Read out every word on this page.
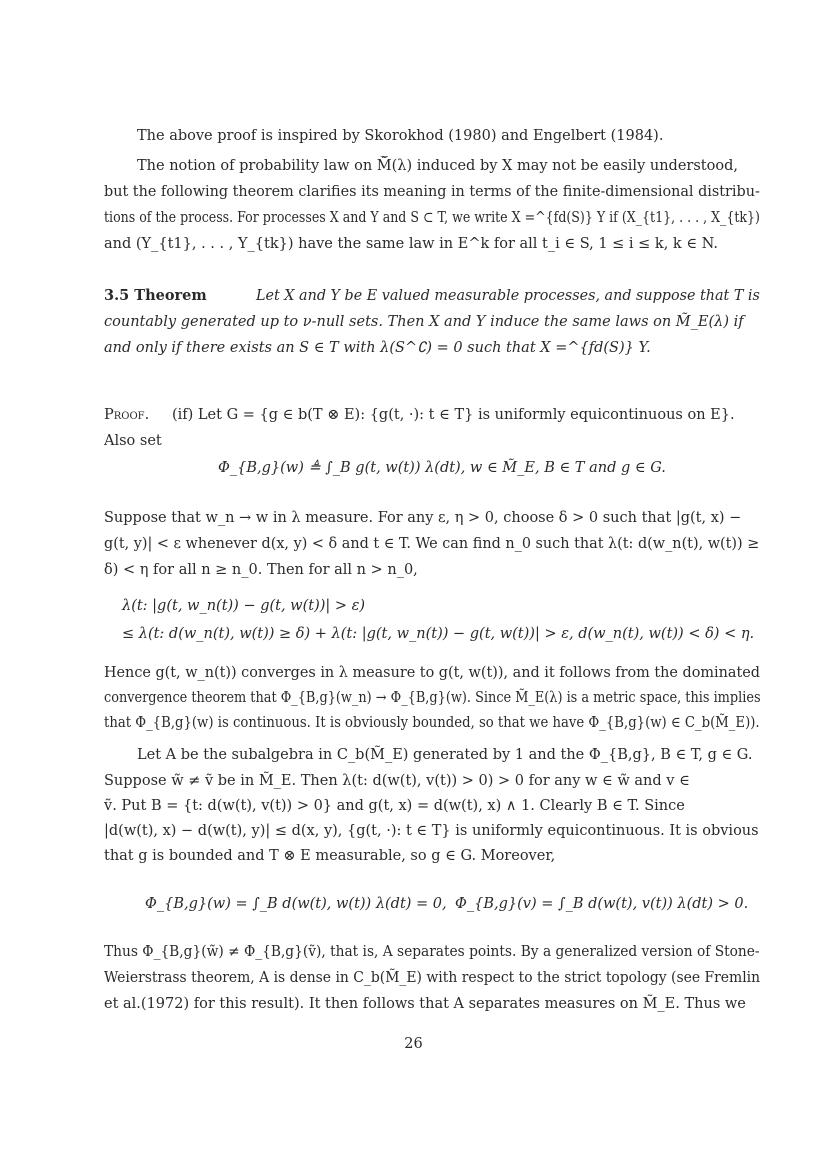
The above proof is inspired by Skorokhod (1980) and Engelbert (1984).
The notion of probability law on M̃̅(λ) induced by X may not be easily understood,
but the following theorem clarifies its meaning in terms of the finite-dimensional distribu-
tions of the process. For processes X and Y and S ⊂ T, we write X =^{fd(S)} Y if (X_{t1}, . . . , X_{tk})
and (Y_{t1}, . . . , Y_{tk}) have the same law in E^k for all t_i ∈ S, 1 ≤ i ≤ k, k ∈ N.
3.5 Theorem	Let X and Y be E valued measurable processes, and suppose that T is
countably generated up to ν-null sets. Then X and Y induce the same laws on M̃_E(λ) if
and only if there exists an S ∈ T with λ(S^∁) = 0 such that X =^{fd(S)} Y.
Proof. (if) Let G = {g ∈ b(T ⊗ E): {g(t, ·): t ∈ T} is uniformly equicontinuous on E}.
Also set
Φ_{B,g}(w) ≜ ∫_B g(t, w(t)) λ(dt), w ∈ M̃_E, B ∈ T and g ∈ G.
Suppose that w_n → w in λ measure. For any ε, η > 0, choose δ > 0 such that |g(t, x) −
g(t, y)| < ε whenever d(x, y) < δ and t ∈ T. We can find n_0 such that λ(t: d(w_n(t), w(t)) ≥
δ) < η for all n ≥ n_0. Then for all n > n_0,
λ(t: |g(t, w_n(t)) − g(t, w(t))| > ε)
≤ λ(t: d(w_n(t), w(t)) ≥ δ) + λ(t: |g(t, w_n(t)) − g(t, w(t))| > ε, d(w_n(t), w(t)) < δ) < η.
Hence g(t, w_n(t)) converges in λ measure to g(t, w(t)), and it follows from the dominated
convergence theorem that Φ_{B,g}(w_n) → Φ_{B,g}(w). Since M̃_E(λ) is a metric space, this implies
that Φ_{B,g}(w) is continuous. It is obviously bounded, so that we have Φ_{B,g}(w) ∈ C_b(M̃_E)).
Let A be the subalgebra in C_b(M̃_E) generated by 1 and the Φ_{B,g}, B ∈ T, g ∈ G.
Suppose w̃ ≠ ṽ be in M̃_E. Then λ(t: d(w(t), v(t)) > 0) > 0 for any w ∈ w̃ and v ∈
ṽ. Put B = {t: d(w(t), v(t)) > 0} and g(t, x) = d(w(t), x) ∧ 1. Clearly B ∈ T. Since
|d(w(t), x) − d(w(t), y)| ≤ d(x, y), {g(t, ·): t ∈ T} is uniformly equicontinuous. It is obvious
that g is bounded and T ⊗ E measurable, so g ∈ G. Moreover,
Φ_{B,g}(w) = ∫_B d(w(t), w(t)) λ(dt) = 0, Φ_{B,g}(v) = ∫_B d(w(t), v(t)) λ(dt) > 0.
Thus Φ_{B,g}(w̃) ≠ Φ_{B,g}(ṽ), that is, A separates points. By a generalized version of Stone-
Weierstrass theorem, A is dense in C_b(M̃_E) with respect to the strict topology (see Fremlin
et al.(1972) for this result). It then follows that A separates measures on M̃_E. Thus we
26
